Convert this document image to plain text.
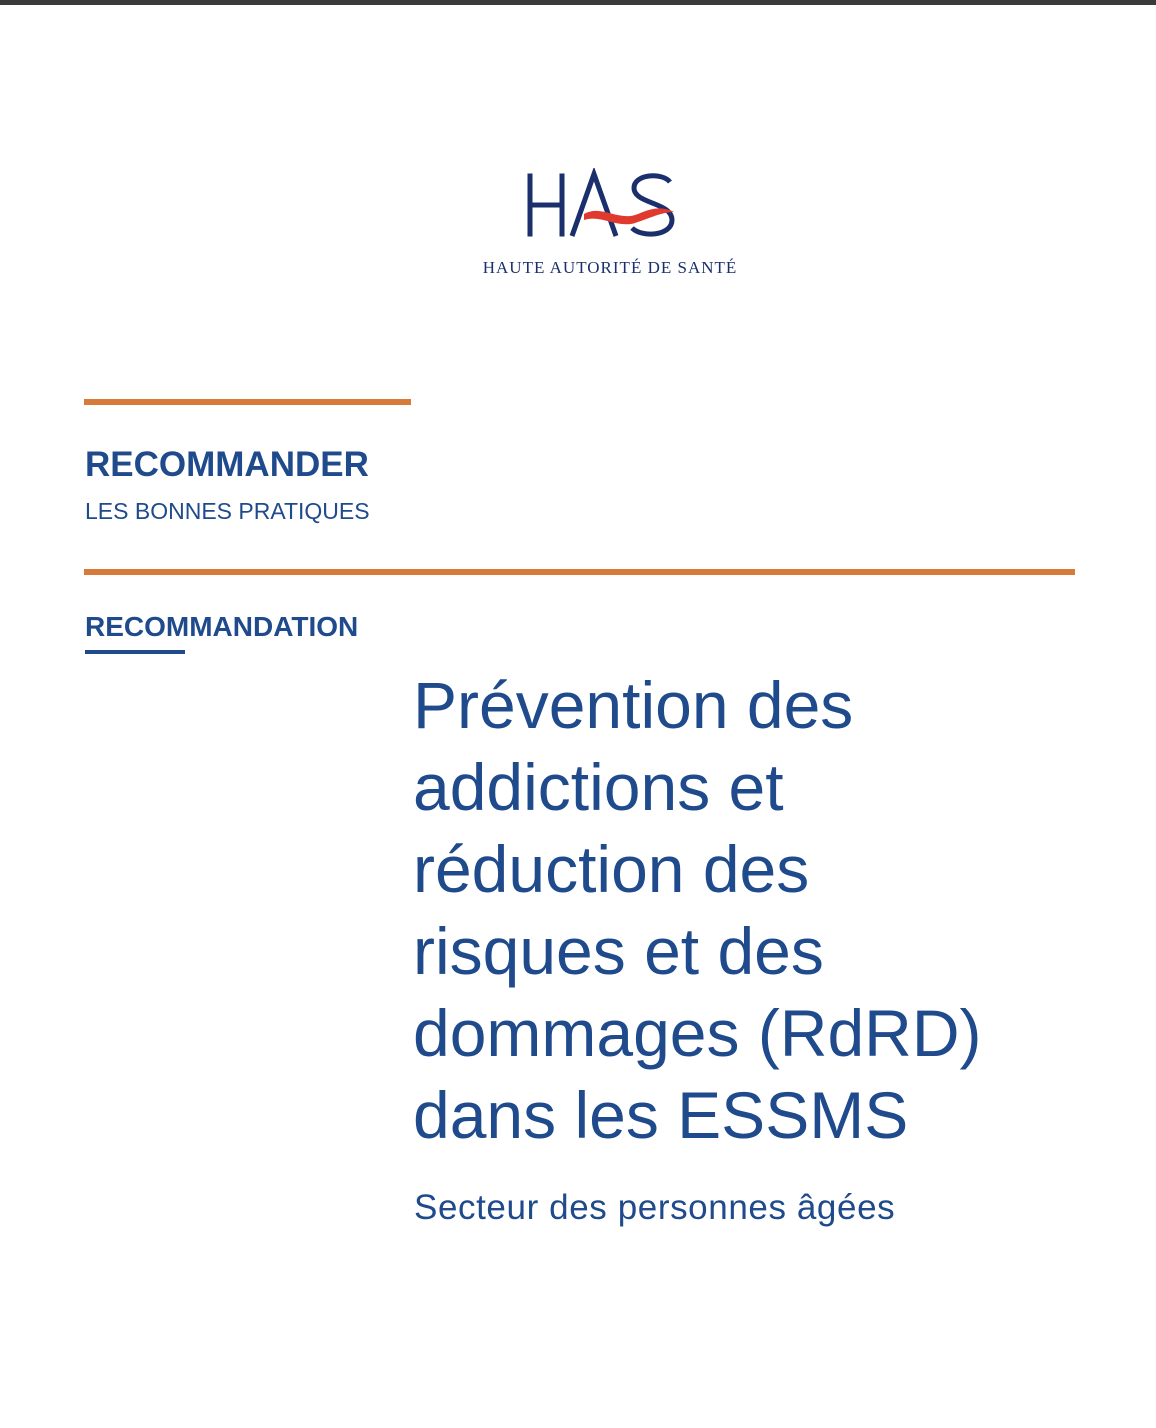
HAUTE AUTORITÉ DE SANTÉ
RECOMMANDER
LES BONNES PRATIQUES
RECOMMANDATION
Prévention des
addictions et
réduction des
risques et des
dommages (RdRD)
dans les ESSMS
Secteur des personnes âgées
